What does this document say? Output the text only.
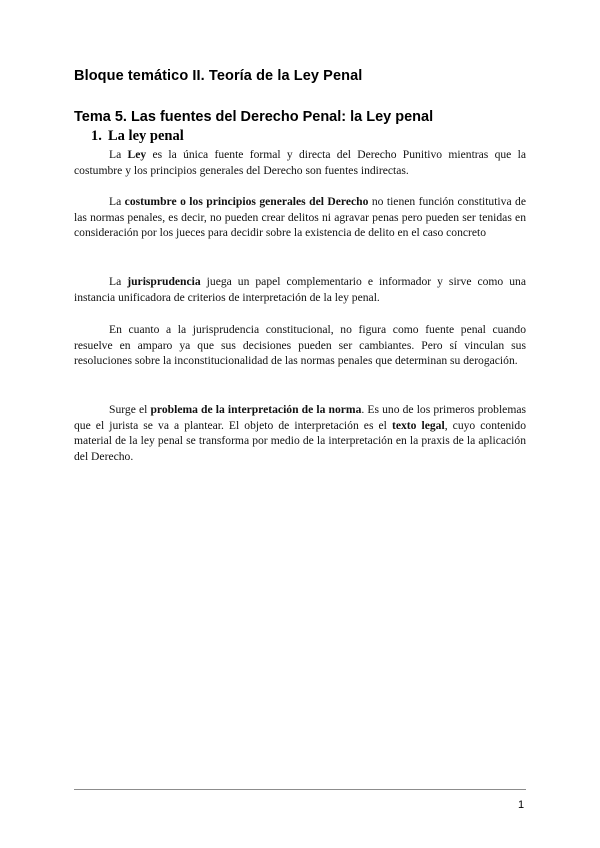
Bloque temático II. Teoría de la Ley Penal
Tema 5. Las fuentes del Derecho Penal: la Ley penal
1. La ley penal

La Ley es la única fuente formal y directa del Derecho Punitivo mientras que la costumbre y los principios generales del Derecho son fuentes indirectas.

La costumbre o los principios generales del Derecho no tienen función constitutiva de las normas penales, es decir, no pueden crear delitos ni agravar penas pero pueden ser tenidas en consideración por los jueces para decidir sobre la existencia de delito en el caso concreto

La jurisprudencia juega un papel complementario e informador y sirve como una instancia unificadora de criterios de interpretación de la ley penal.

En cuanto a la jurisprudencia constitucional, no figura como fuente penal cuando resuelve en amparo ya que sus decisiones pueden ser cambiantes. Pero sí vinculan sus resoluciones sobre la inconstitucionalidad de las normas penales que determinan su derogación.

Surge el problema de la interpretación de la norma. Es uno de los primeros problemas que el jurista se va a plantear. El objeto de interpretación es el texto legal, cuyo contenido material de la ley penal se transforma por medio de la interpretación en la praxis de la aplicación del Derecho.

1
